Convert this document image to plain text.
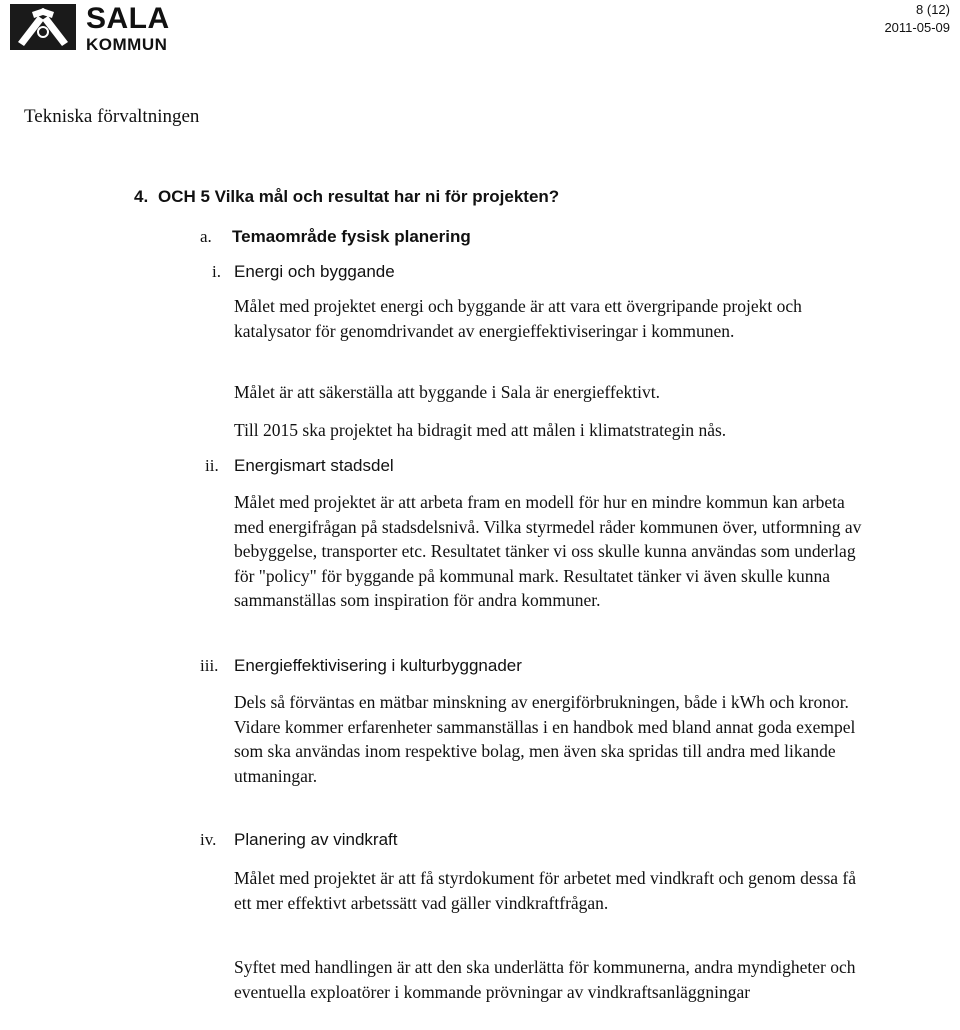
SALA
KOMMUN
8 (12)
2011-05-09
Tekniska förvaltningen
4. OCH 5 Vilka mål och resultat har ni för projekten?
a. Temaområde fysisk planering
i. Energi och byggande
Målet med projektet energi och byggande är att vara ett övergripande projekt och katalysator för genomdrivandet av energieffektiviseringar i kommunen.
Målet är att säkerställa att byggande i Sala är energieffektivt.
Till 2015 ska projektet ha bidragit med att målen i klimatstrategin nås.
ii. Energismart stadsdel
Målet med projektet är att arbeta fram en modell för hur en mindre kommun kan arbeta med energifrågan på stadsdelsnivå. Vilka styrmedel råder kommunen över, utformning av bebyggelse, transporter etc. Resultatet tänker vi oss skulle kunna användas som underlag för "policy" för byggande på kommunal mark. Resultatet tänker vi även skulle kunna sammanställas som inspiration för andra kommuner.
iii. Energieffektivisering i kulturbyggnader
Dels så förväntas en mätbar minskning av energiförbrukningen, både i kWh och kronor. Vidare kommer erfarenheter sammanställas i en handbok med bland annat goda exempel som ska användas inom respektive bolag, men även ska spridas till andra med likande utmaningar.
iv. Planering av vindkraft
Målet med projektet är att få styrdokument för arbetet med vindkraft och genom dessa få ett mer effektivt arbetssätt vad gäller vindkraftfrågan.
Syftet med handlingen är att den ska underlätta för kommunerna, andra myndigheter och eventuella exploatörer i kommande prövningar av vindkraftsanläggningar
